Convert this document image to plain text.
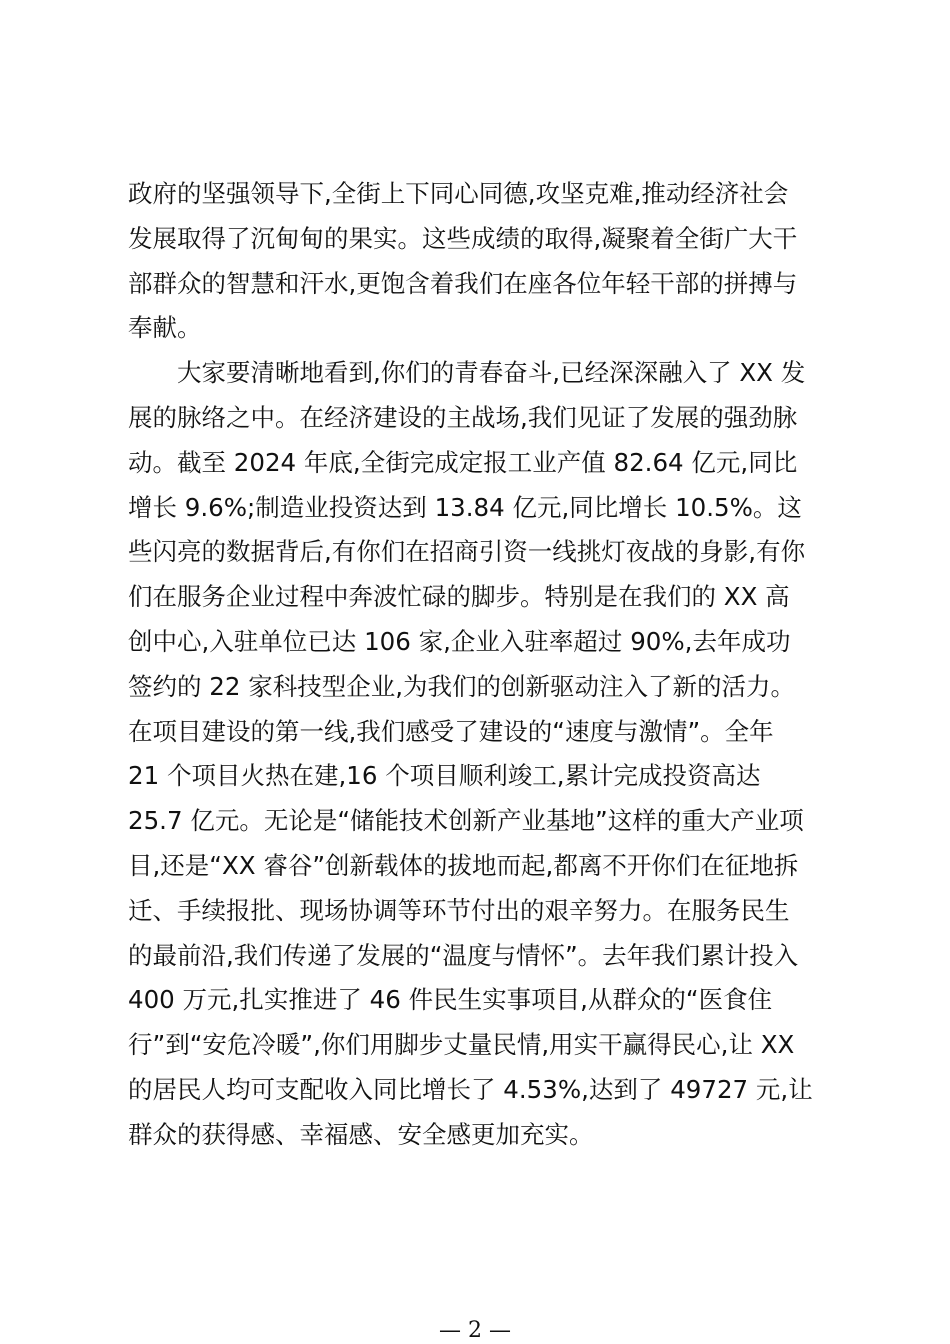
政府的坚强领导下,全街上下同心同德,攻坚克难,推动经济社会
发展取得了沉甸甸的果实。这些成绩的取得,凝聚着全街广大干
部群众的智慧和汗水,更饱含着我们在座各位年轻干部的拼搏与
奉献。
大家要清晰地看到,你们的青春奋斗,已经深深融入了 XX 发
展的脉络之中。在经济建设的主战场,我们见证了发展的强劲脉
动。截至 2024 年底,全街完成定报工业产值 82.64 亿元,同比
增长 9.6%;制造业投资达到 13.84 亿元,同比增长 10.5%。这
些闪亮的数据背后,有你们在招商引资一线挑灯夜战的身影,有你
们在服务企业过程中奔波忙碌的脚步。特别是在我们的 XX 高
创中心,入驻单位已达 106 家,企业入驻率超过 90%,去年成功
签约的 22 家科技型企业,为我们的创新驱动注入了新的活力。
在项目建设的第一线,我们感受了建设的“速度与激情”。全年
21 个项目火热在建,16 个项目顺利竣工,累计完成投资高达
25.7 亿元。无论是“储能技术创新产业基地”这样的重大产业项
目,还是“XX 睿谷”创新载体的拔地而起,都离不开你们在征地拆
迁、手续报批、现场协调等环节付出的艰辛努力。在服务民生
的最前沿,我们传递了发展的“温度与情怀”。去年我们累计投入
400 万元,扎实推进了 46 件民生实事项目,从群众的“医食住
行”到“安危冷暖”,你们用脚步丈量民情,用实干赢得民心,让 XX
的居民人均可支配收入同比增长了 4.53%,达到了 49727 元,让
群众的获得感、幸福感、安全感更加充实。
— 2 —
